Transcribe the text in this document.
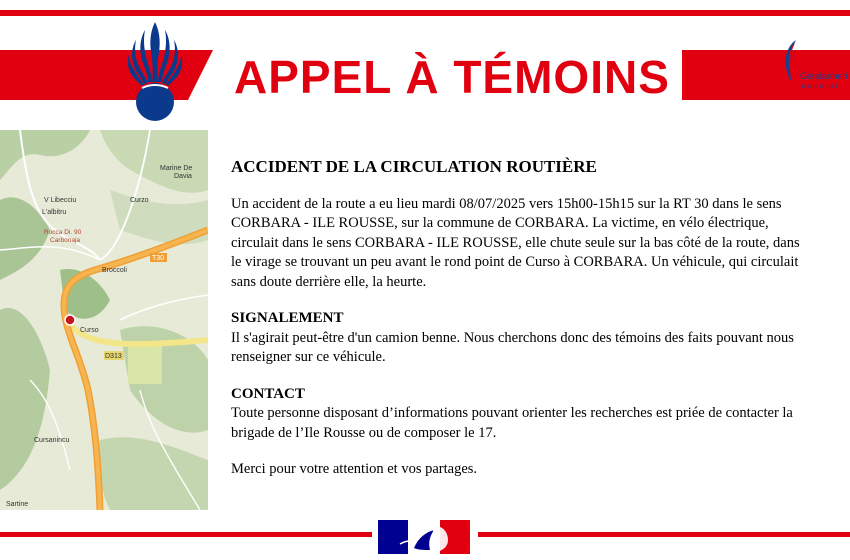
APPEL À TÉMOINS	Gendarmeri
national
Marine De
Davia
V Libecciu
L'albitru
Curzo
Broccoli
Curso
Cursanincu
Sartine
Rocca Di. 90
Carbonaja
T30
D313
ACCIDENT DE LA CIRCULATION ROUTIÈRE
Un accident de la route a eu lieu mardi 08/07/2025 vers 15h00-15h15 sur la RT 30 dans le sens CORBARA - ILE ROUSSE, sur la commune de CORBARA. La victime, en vélo électrique, circulait dans le sens CORBARA - ILE ROUSSE, elle chute seule sur la bas côté de la route, dans le virage se trouvant un peu avant le rond point de Curso à CORBARA. Un véhicule, qui circulait sans doute derrière elle, la heurte.
SIGNALEMENT
Il s'agirait peut-être d'un camion benne. Nous cherchons donc des témoins des faits pouvant nous renseigner sur ce véhicule.
CONTACT
Toute personne disposant d’informations pouvant orienter les recherches est priée de contacter la brigade de l’Ile Rousse ou de composer le 17.
Merci pour votre attention et vos partages.
